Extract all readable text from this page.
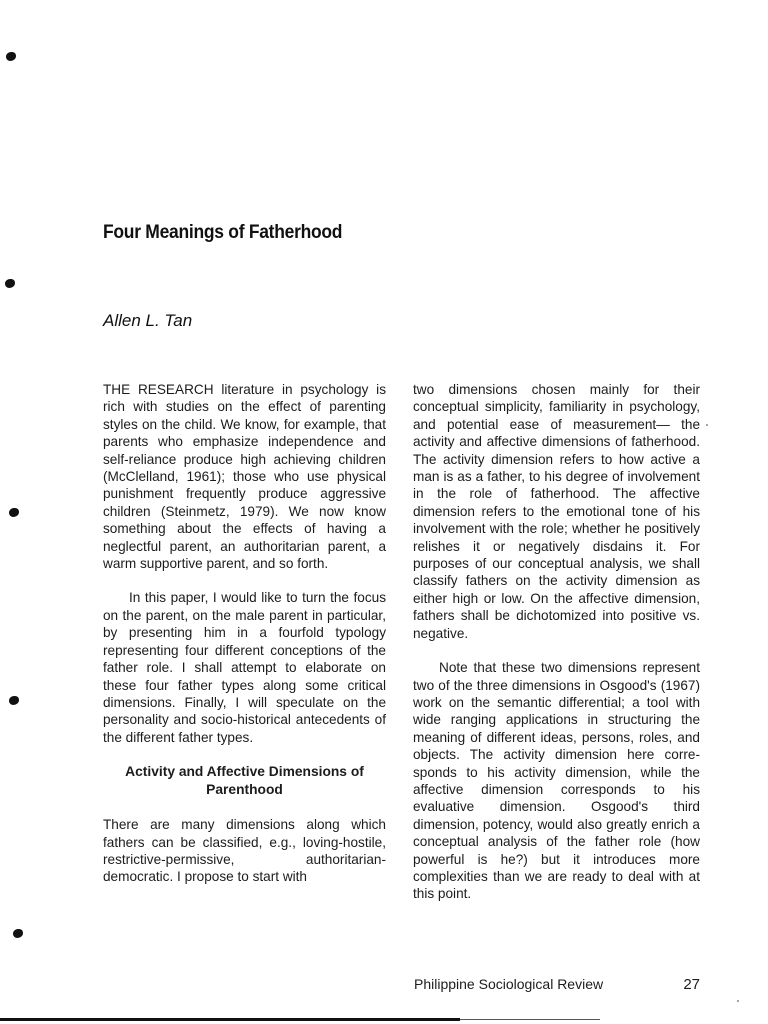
Four Meanings of Fatherhood
Allen L. Tan

THE RESEARCH literature in psychology is rich with studies on the effect of parenting styles on the child. We know, for example, that parents who emphasize independence and self-reliance produce high achieving children (McClelland, 1961); those who use physical punishment frequently produce aggressive children (Steinmetz, 1979). We now know something about the effects of having a neglectful parent, an authoritarian parent, a warm supportive parent, and so forth.

In this paper, I would like to turn the focus on the parent, on the male parent in particular, by presenting him in a fourfold typology representing four different conceptions of the father role. I shall attempt to elaborate on these four father types along some critical dimensions. Finally, I will speculate on the personality and socio-historical antecedents of the different father types.

Activity and Affective Dimensions of Parenthood

There are many dimensions along which fathers can be classified, e.g., loving-hostile, restrictive-permissive, authoritarian-democratic. I propose to start with

two dimensions chosen mainly for their conceptual simplicity, familiarity in psychology, and potential ease of measurement— the activity and affective dimensions of fatherhood. The activity dimension refers to how active a man is as a father, to his degree of involvement in the role of fatherhood. The affective dimension refers to the emotional tone of his involvement with the role; whether he positively relishes it or negatively disdains it. For purposes of our conceptual analysis, we shall classify fathers on the activity dimension as either high or low. On the affective dimension, fathers shall be dichotomized into positive vs. negative.

Note that these two dimensions represent two of the three dimensions in Osgood's (1967) work on the semantic differential; a tool with wide ranging applications in structuring the meaning of different ideas, persons, roles, and objects. The activity dimension here corresponds to his activity dimension, while the affective dimension corresponds to his evaluative dimension. Osgood's third dimension, potency, would also greatly enrich a conceptual analysis of the father role (how powerful is he?) but it introduces more complexities than we are ready to deal with at this point.

Philippine Sociological Review	27
